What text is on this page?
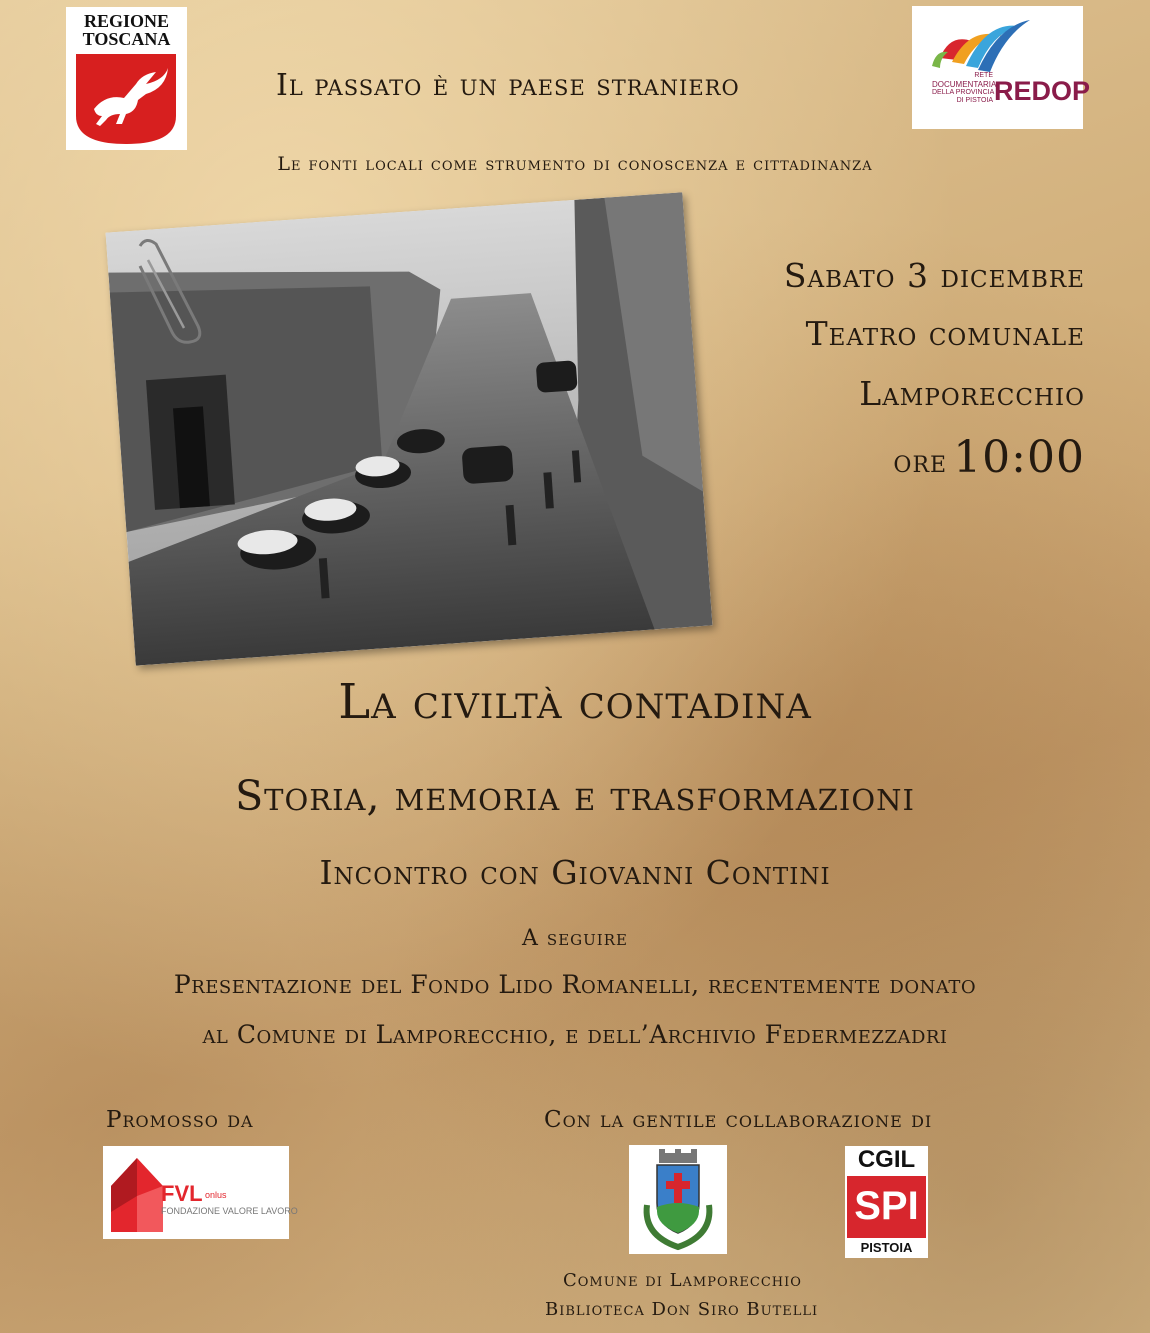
REGIONE
TOSCANA
RETE
DOCUMENTARIA
DELLA PROVINCIA
DI PISTOIA REDOP
Il passato è un paese straniero
Le fonti locali come strumento di conoscenza e cittadinanza
Sabato 3 dicembre
Teatro comunale
Lamporecchio
ore 10:00
La civiltà contadina
Storia, memoria e trasformazioni
Incontro con Giovanni Contini
A seguire
Presentazione del Fondo Lido Romanelli, recentemente donato
al Comune di Lamporecchio, e dell’Archivio Federmezzadri
Promosso da	Con la gentile collaborazione di
FVL onlus
FONDAZIONE VALORE LAVORO
CGIL
SPI
PISTOIA
Comune di Lamporecchio
Biblioteca Don Siro Butelli
